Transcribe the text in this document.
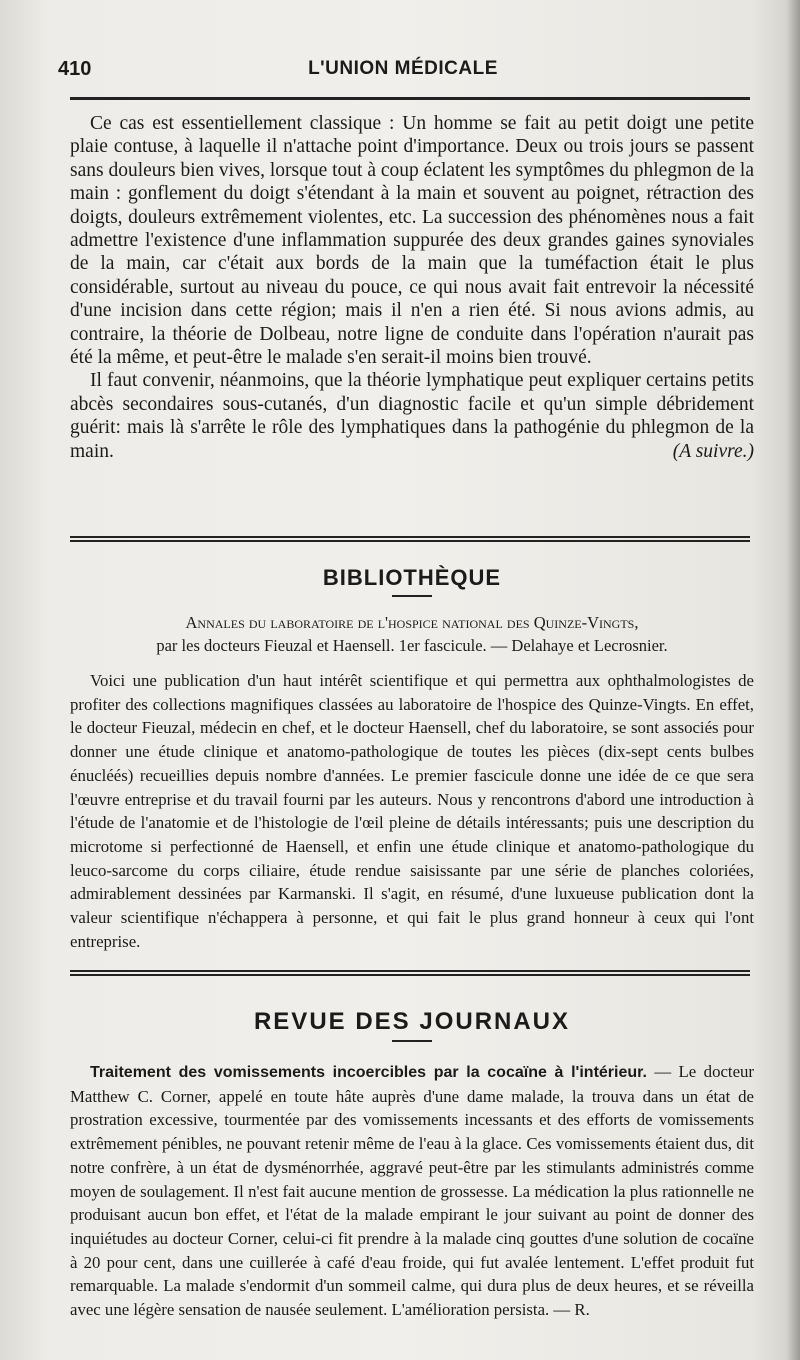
410	L'UNION MÉDICALE

Ce cas est essentiellement classique : Un homme se fait au petit doigt une petite plaie contuse, à laquelle il n'attache point d'importance. Deux ou trois jours se passent sans douleurs bien vives, lorsque tout à coup éclatent les symptômes du phlegmon de la main : gonflement du doigt s'étendant à la main et souvent au poignet, rétraction des doigts, douleurs extrêmement violentes, etc. La succession des phénomènes nous a fait admettre l'existence d'une inflammation suppurée des deux grandes gaines synoviales de la main, car c'était aux bords de la main que la tuméfaction était le plus considérable, surtout au niveau du pouce, ce qui nous avait fait entrevoir la nécessité d'une incision dans cette région; mais il n'en a rien été. Si nous avions admis, au contraire, la théorie de Dolbeau, notre ligne de conduite dans l'opération n'aurait pas été la même, et peut-être le malade s'en serait-il moins bien trouvé.

Il faut convenir, néanmoins, que la théorie lymphatique peut expliquer certains petits abcès secondaires sous-cutanés, d'un diagnostic facile et qu'un simple débridement guérit: mais là s'arrête le rôle des lymphatiques dans la pathogénie du phlegmon de la main.	(A suivre.)
BIBLIOTHÈQUE
Annales du laboratoire de l'hospice national des Quinze-Vingts,
par les docteurs Fieuzal et Haensell. 1er fascicule. — Delahaye et Lecrosnier.

Voici une publication d'un haut intérêt scientifique et qui permettra aux ophthalmologistes de profiter des collections magnifiques classées au laboratoire de l'hospice des Quinze-Vingts. En effet, le docteur Fieuzal, médecin en chef, et le docteur Haensell, chef du laboratoire, se sont associés pour donner une étude clinique et anatomo-pathologique de toutes les pièces (dix-sept cents bulbes énucléés) recueillies depuis nombre d'années. Le premier fascicule donne une idée de ce que sera l'œuvre entreprise et du travail fourni par les auteurs. Nous y rencontrons d'abord une introduction à l'étude de l'anatomie et de l'histologie de l'œil pleine de détails intéressants; puis une description du microtome si perfectionné de Haensell, et enfin une étude clinique et anatomo-pathologique du leuco-sarcome du corps ciliaire, étude rendue saisissante par une série de planches coloriées, admirablement dessinées par Karmanski. Il s'agit, en résumé, d'une luxueuse publication dont la valeur scientifique n'échappera à personne, et qui fait le plus grand honneur à ceux qui l'ont entreprise.

REVUE DES JOURNAUX

Traitement des vomissements incoercibles par la cocaïne à l'intérieur. — Le docteur Matthew C. Corner, appelé en toute hâte auprès d'une dame malade, la trouva dans un état de prostration excessive, tourmentée par des vomissements incessants et des efforts de vomissements extrêmement pénibles, ne pouvant retenir même de l'eau à la glace. Ces vomissements étaient dus, dit notre confrère, à un état de dysménorrhée, aggravé peut-être par les stimulants administrés comme moyen de soulagement. Il n'est fait aucune mention de grossesse. La médication la plus rationnelle ne produisant aucun bon effet, et l'état de la malade empirant le jour suivant au point de donner des inquiétudes au docteur Corner, celui-ci fit prendre à la malade cinq gouttes d'une solution de cocaïne à 20 pour cent, dans une cuillerée à café d'eau froide, qui fut avalée lentement. L'effet produit fut remarquable. La malade s'endormit d'un sommeil calme, qui dura plus de deux heures, et se réveilla avec une légère sensation de nausée seulement. L'amélioration persista. — R.
